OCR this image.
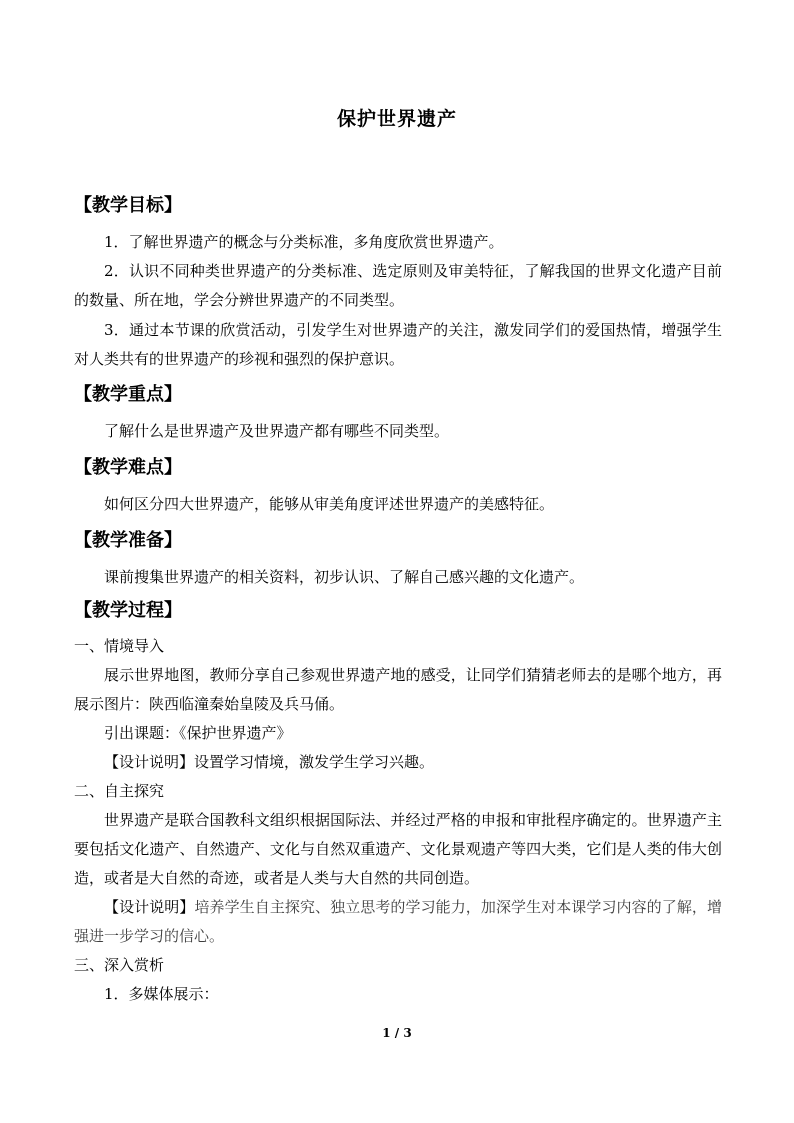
保护世界遗产
【教学目标】
1．了解世界遗产的概念与分类标准，多角度欣赏世界遗产。
2．认识不同种类世界遗产的分类标准、选定原则及审美特征，了解我国的世界文化遗产目前的数量、所在地，学会分辨世界遗产的不同类型。
3．通过本节课的欣赏活动，引发学生对世界遗产的关注，激发同学们的爱国热情，增强学生对人类共有的世界遗产的珍视和强烈的保护意识。
【教学重点】
了解什么是世界遗产及世界遗产都有哪些不同类型。
【教学难点】
如何区分四大世界遗产，能够从审美角度评述世界遗产的美感特征。
【教学准备】
课前搜集世界遗产的相关资料，初步认识、了解自己感兴趣的文化遗产。
【教学过程】
一、情境导入
展示世界地图，教师分享自己参观世界遗产地的感受，让同学们猜猜老师去的是哪个地方，再展示图片：陕西临潼秦始皇陵及兵马俑。
引出课题：《保护世界遗产》
【设计说明】设置学习情境，激发学生学习兴趣。
二、自主探究
世界遗产是联合国教科文组织根据国际法、并经过严格的申报和审批程序确定的。世界遗产主要包括文化遗产、自然遗产、文化与自然双重遗产、文化景观遗产等四大类，它们是人类的伟大创造，或者是大自然的奇迹，或者是人类与大自然的共同创造。
【设计说明】培养学生自主探究、独立思考的学习能力，加深学生对本课学习内容的了解，增强进一步学习的信心。
三、深入赏析
1．多媒体展示：
1 / 3
